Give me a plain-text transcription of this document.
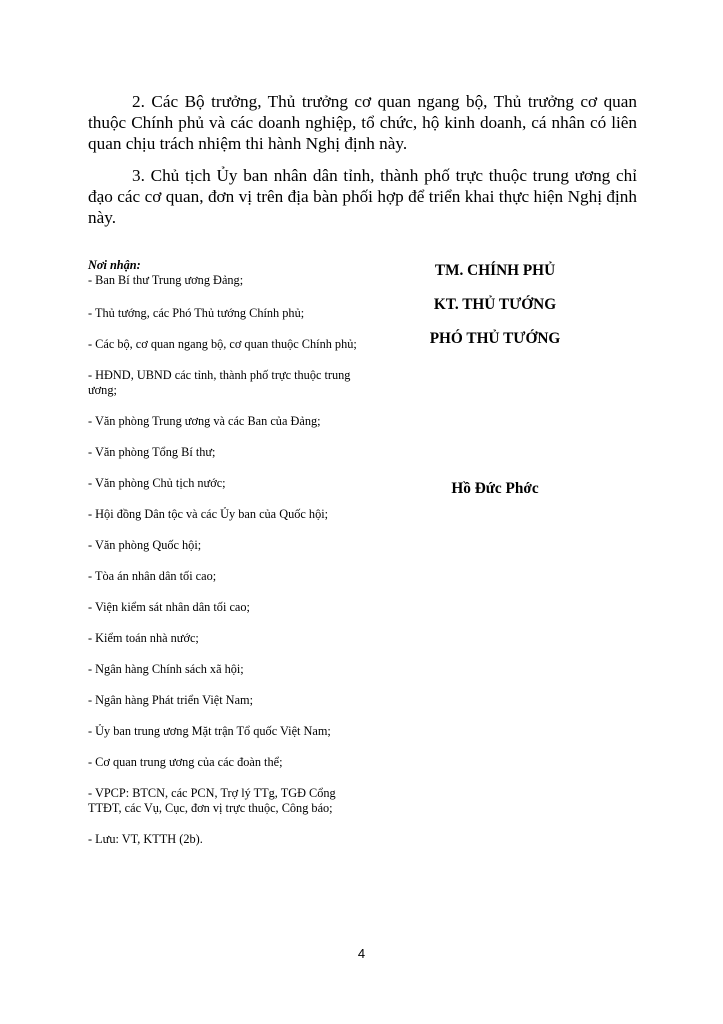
2. Các Bộ trưởng, Thủ trưởng cơ quan ngang bộ, Thủ trưởng cơ quan thuộc Chính phủ và các doanh nghiệp, tổ chức, hộ kinh doanh, cá nhân có liên quan chịu trách nhiệm thi hành Nghị định này.

3. Chủ tịch Ủy ban nhân dân tỉnh, thành phố trực thuộc trung ương chỉ đạo các cơ quan, đơn vị trên địa bàn phối hợp để triển khai thực hiện Nghị định này.

Nơi nhận:
- Ban Bí thư Trung ương Đảng;
- Thủ tướng, các Phó Thủ tướng Chính phủ;
- Các bộ, cơ quan ngang bộ, cơ quan thuộc Chính phủ;
- HĐND, UBND các tỉnh, thành phố trực thuộc trung ương;
- Văn phòng Trung ương và các Ban của Đảng;
- Văn phòng Tổng Bí thư;
- Văn phòng Chủ tịch nước;
- Hội đồng Dân tộc và các Ủy ban của Quốc hội;
- Văn phòng Quốc hội;
- Tòa án nhân dân tối cao;
- Viện kiểm sát nhân dân tối cao;
- Kiểm toán nhà nước;
- Ngân hàng Chính sách xã hội;
- Ngân hàng Phát triển Việt Nam;
- Ủy ban trung ương Mặt trận Tổ quốc Việt Nam;
- Cơ quan trung ương của các đoàn thể;
- VPCP: BTCN, các PCN, Trợ lý TTg, TGĐ Cổng TTĐT, các Vụ, Cục, đơn vị trực thuộc, Công báo;
- Lưu: VT, KTTH (2b).
TM. CHÍNH PHỦ
KT. THỦ TƯỚNG
PHÓ THỦ TƯỚNG
Hồ Đức Phớc
4
